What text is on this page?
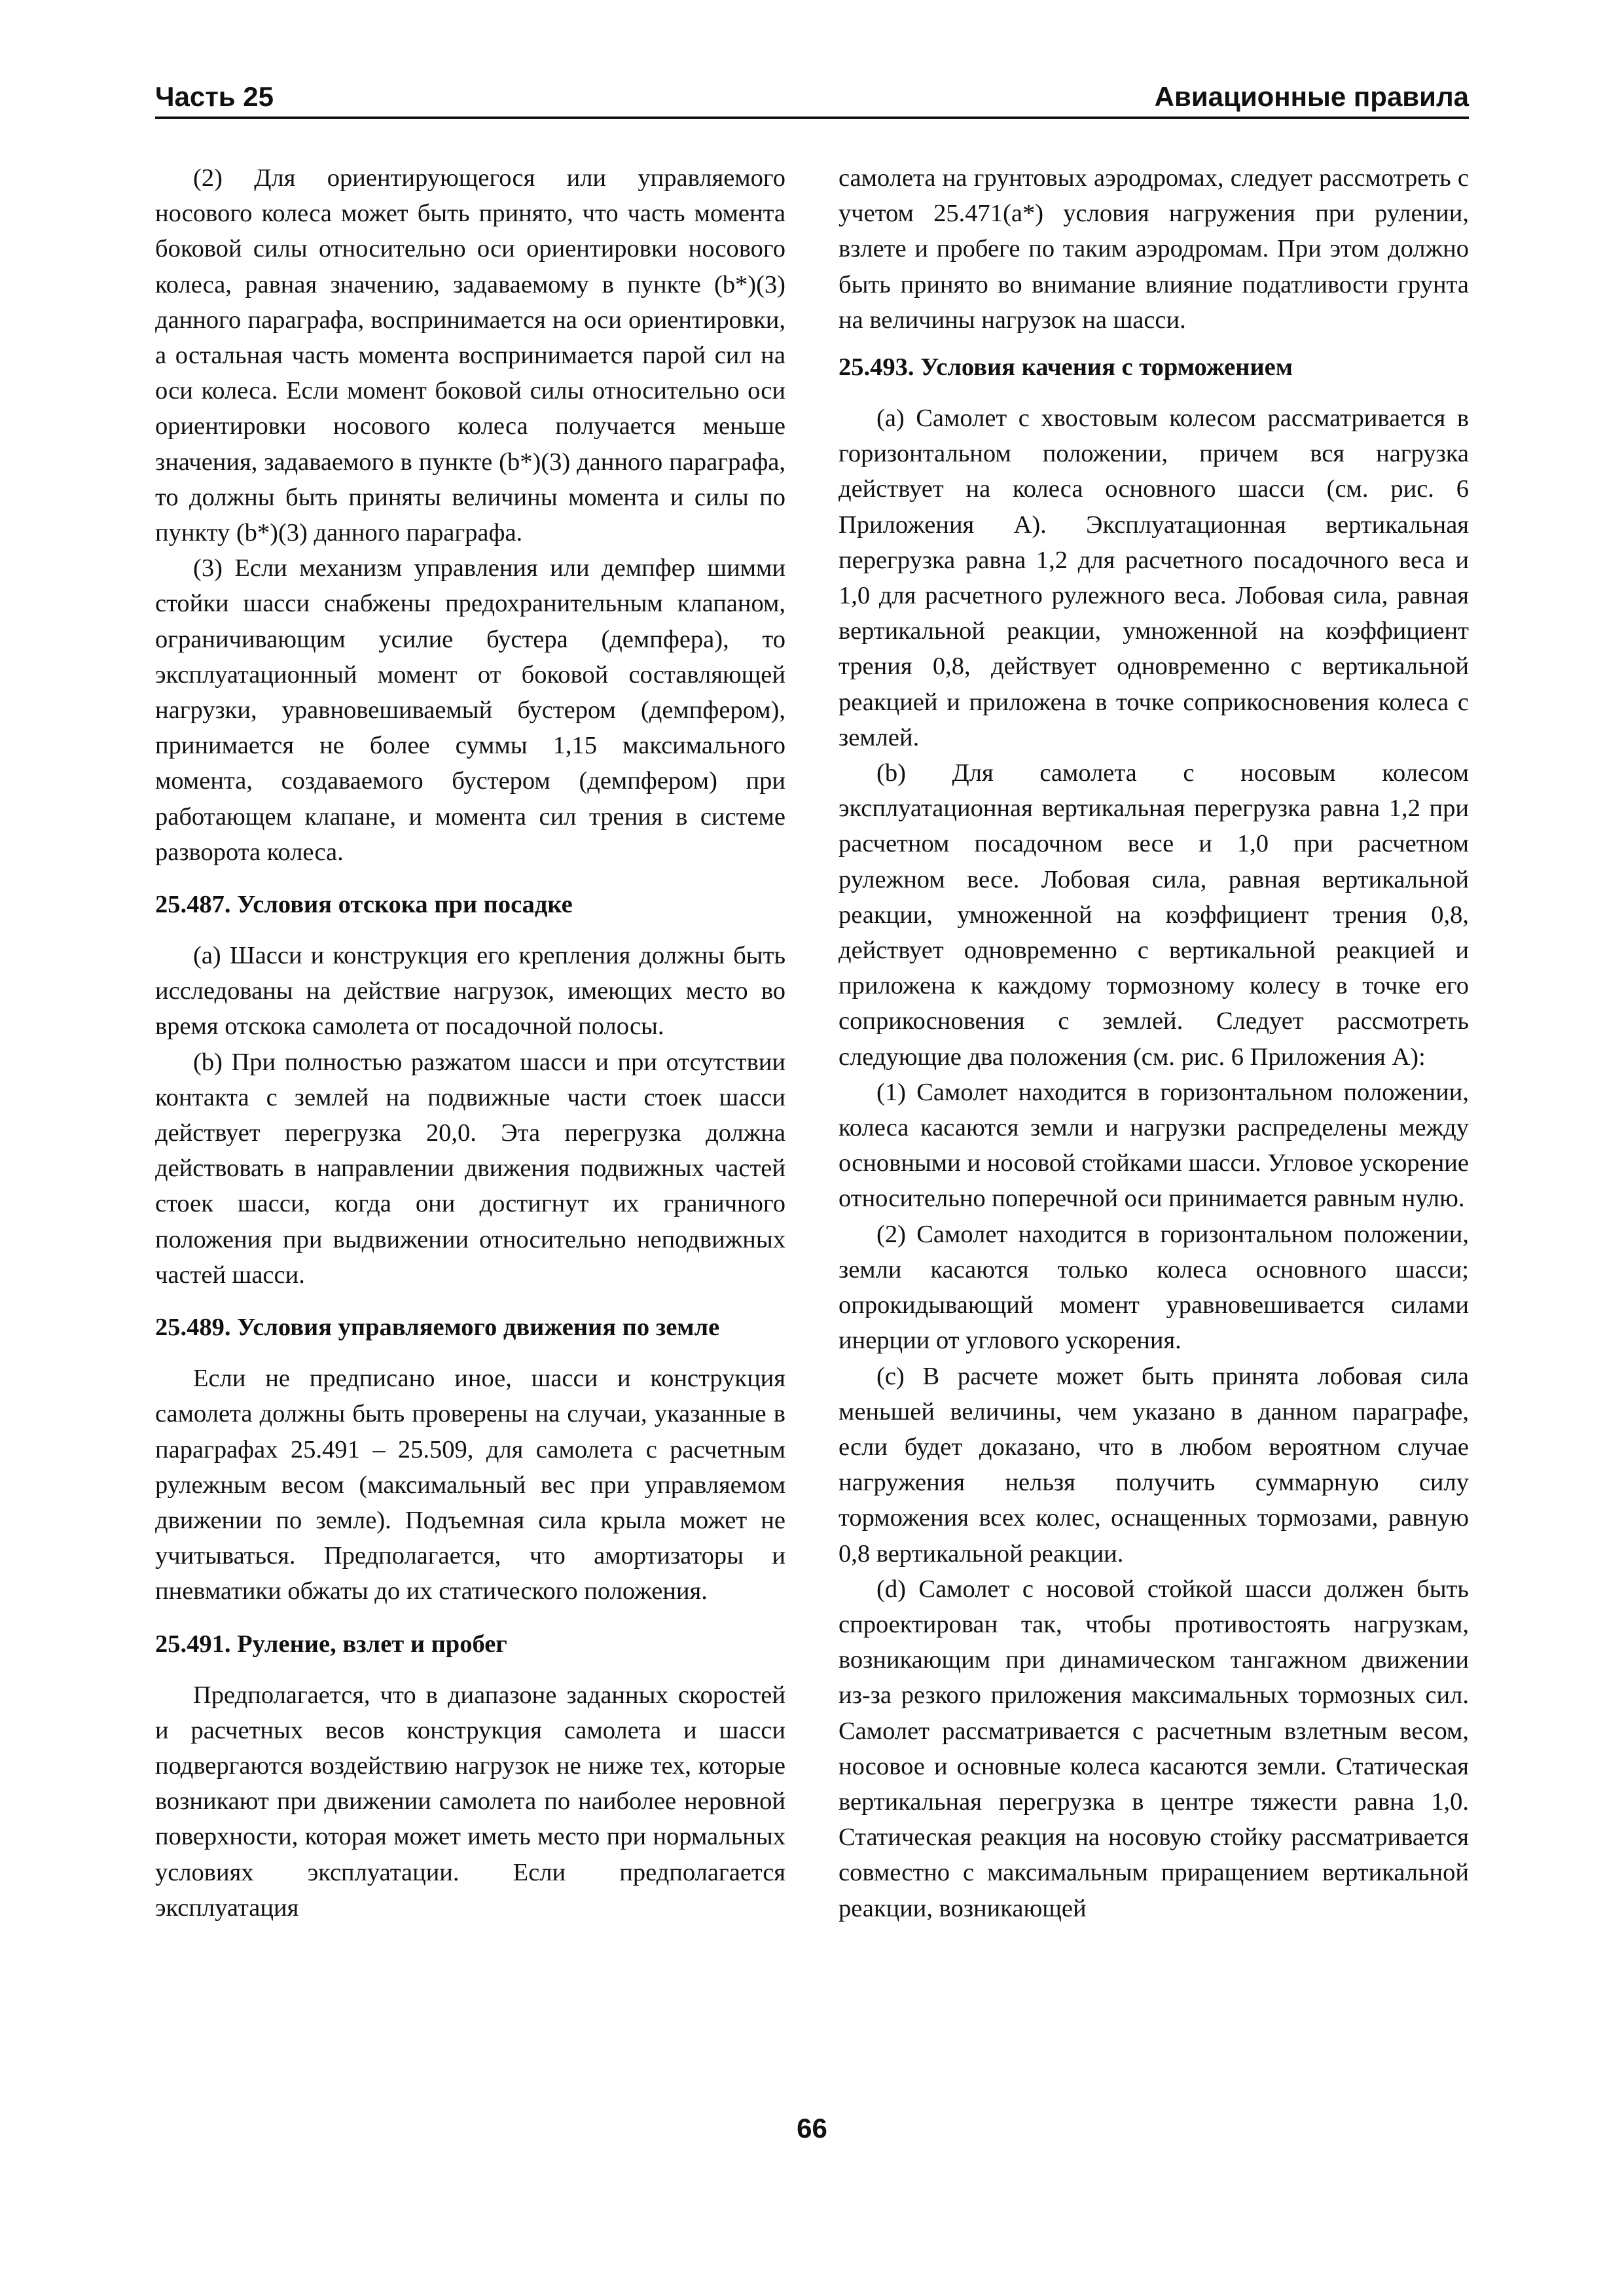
Часть 25	Авиационные правила

(2) Для ориентирующегося или управляемого носового колеса может быть принято, что часть момента боковой силы относительно оси ориентировки носового колеса, равная значению, задаваемому в пункте (b*)(3) данного параграфа, воспринимается на оси ориентировки, а остальная часть момента воспринимается парой сил на оси колеса. Если момент боковой силы относительно оси ориентировки носового колеса получается меньше значения, задаваемого в пункте (b*)(3) данного параграфа, то должны быть приняты величины момента и силы по пункту (b*)(3) данного параграфа.

(3) Если механизм управления или демпфер шимми стойки шасси снабжены предохранительным клапаном, ограничивающим усилие бустера (демпфера), то эксплуатационный момент от боковой составляющей нагрузки, уравновешиваемый бустером (демпфером), принимается не более суммы 1,15 максимального момента, создаваемого бустером (демпфером) при работающем клапане, и момента сил трения в системе разворота колеса.

25.487. Условия отскока при посадке

(a) Шасси и конструкция его крепления должны быть исследованы на действие нагрузок, имеющих место во время отскока самолета от посадочной полосы.

(b) При полностью разжатом шасси и при отсутствии контакта с землей на подвижные части стоек шасси действует перегрузка 20,0. Эта перегрузка должна действовать в направлении движения подвижных частей стоек шасси, когда они достигнут их граничного положения при выдвижении относительно неподвижных частей шасси.

25.489. Условия управляемого движения по земле

Если не предписано иное, шасси и конструкция самолета должны быть проверены на случаи, указанные в параграфах 25.491 – 25.509, для самолета с расчетным рулежным весом (максимальный вес при управляемом движении по земле). Подъемная сила крыла может не учитываться. Предполагается, что амортизаторы и пневматики обжаты до их статического положения.

25.491. Руление, взлет и пробег

Предполагается, что в диапазоне заданных скоростей и расчетных весов конструкция самолета и шасси подвергаются воздействию нагрузок не ниже тех, которые возникают при движении самолета по наиболее неровной поверхности, которая может иметь место при нормальных условиях эксплуатации. Если предполагается эксплуатация

самолета на грунтовых аэродромах, следует рассмотреть с учетом 25.471(а*) условия нагружения при рулении, взлете и пробеге по таким аэродромам. При этом должно быть принято во внимание влияние податливости грунта на величины нагрузок на шасси.

25.493. Условия качения с торможением

(a) Самолет с хвостовым колесом рассматривается в горизонтальном положении, причем вся нагрузка действует на колеса основного шасси (см. рис. 6 Приложения А). Эксплуатационная вертикальная перегрузка равна 1,2 для расчетного посадочного веса и 1,0 для расчетного рулежного веса. Лобовая сила, равная вертикальной реакции, умноженной на коэффициент трения 0,8, действует одновременно с вертикальной реакцией и приложена в точке соприкосновения колеса с землей.

(b) Для самолета с носовым колесом эксплуатационная вертикальная перегрузка равна 1,2 при расчетном посадочном весе и 1,0 при расчетном рулежном весе. Лобовая сила, равная вертикальной реакции, умноженной на коэффициент трения 0,8, действует одновременно с вертикальной реакцией и приложена к каждому тормозному колесу в точке его соприкосновения с землей. Следует рассмотреть следующие два положения (см. рис. 6 Приложения А):

(1) Самолет находится в горизонтальном положении, колеса касаются земли и нагрузки распределены между основными и носовой стойками шасси. Угловое ускорение относительно поперечной оси принимается равным нулю.

(2) Самолет находится в горизонтальном положении, земли касаются только колеса основного шасси; опрокидывающий момент уравновешивается силами инерции от углового ускорения.

(c) В расчете может быть принята лобовая сила меньшей величины, чем указано в данном параграфе, если будет доказано, что в любом вероятном случае нагружения нельзя получить суммарную силу торможения всех колес, оснащенных тормозами, равную 0,8 вертикальной реакции.

(d) Самолет с носовой стойкой шасси должен быть спроектирован так, чтобы противостоять нагрузкам, возникающим при динамическом тангажном движении из-за резкого приложения максимальных тормозных сил. Самолет рассматривается с расчетным взлетным весом, носовое и основные колеса касаются земли. Статическая вертикальная перегрузка в центре тяжести равна 1,0. Статическая реакция на носовую стойку рассматривается совместно с максимальным приращением вертикальной реакции, возникающей

66
